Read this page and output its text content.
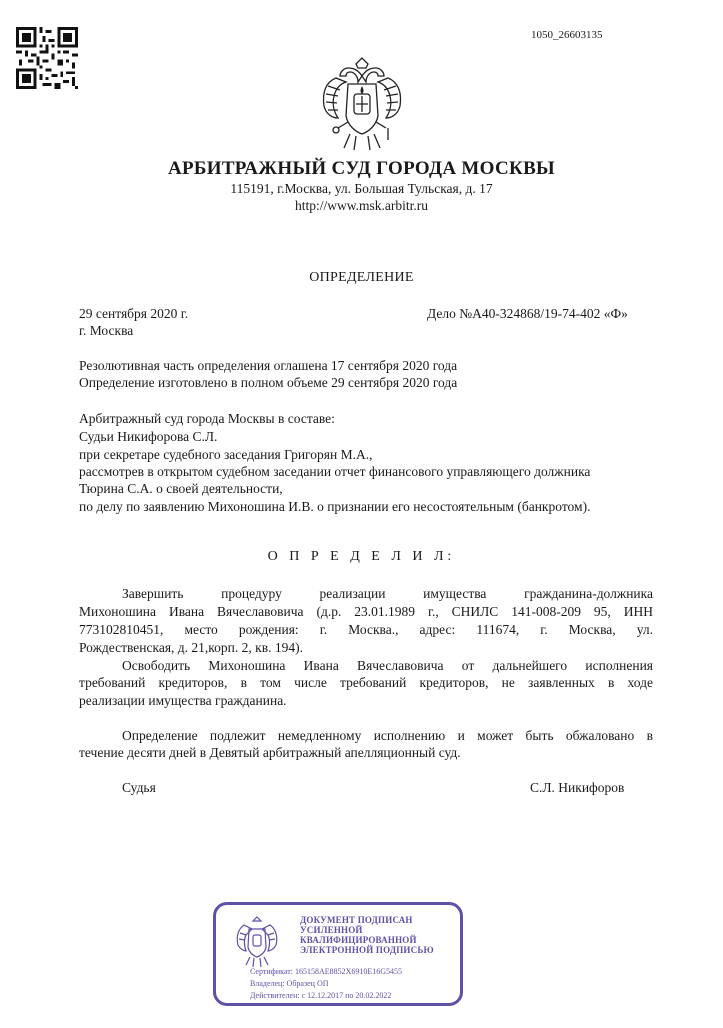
1050_26603135
АРБИТРАЖНЫЙ СУД ГОРОДА МОСКВЫ
115191, г.Москва, ул. Большая Тульская, д. 17
http://www.msk.arbitr.ru
ОПРЕДЕЛЕНИЕ
29 сентября 2020 г.
г. Москва
Дело №А40-324868/19-74-402 «Ф»
Резолютивная часть определения оглашена 17 сентября 2020 года
Определение изготовлено в полном объеме 29 сентября 2020 года
Арбитражный суд города Москвы в составе:
Судьи Никифорова С.Л.
при секретаре судебного заседания Григорян М.А.,
рассмотрев в открытом судебном заседании отчет финансового управляющего должника
Тюрина С.А. о своей деятельности,
по делу по заявлению Михоношина И.В. о признании его несостоятельным (банкротом).
О П Р Е Д Е Л И Л:
Завершить процедуру реализации имущества гражданина-должника
Михоношина Ивана Вячеславовича (д.р. 23.01.1989 г., СНИЛС 141-008-209 95, ИНН
773102810451, место рождения: г. Москва., адрес: 111674, г. Москва, ул.
Рождественская, д. 21,корп. 2, кв. 194).
Освободить Михоношина Ивана Вячеславовича от дальнейшего исполнения
требований кредиторов, в том числе требований кредиторов, не заявленных в ходе
реализации имущества гражданина.
Определение подлежит немедленному исполнению и может быть обжаловано в
течение десяти дней в Девятый арбитражный апелляционный суд.
Судья	С.Л. Никифоров
ДОКУМЕНТ ПОДПИСАН
УСИЛЕННОЙ
КВАЛИФИЦИРОВАННОЙ
ЭЛЕКТРОННОЙ ПОДПИСЬЮ
Сертификат: 165158AE8852X6910E16G5455
Владелец: Образец ОП
Действителен: с 12.12.2017 по 20.02.2022
